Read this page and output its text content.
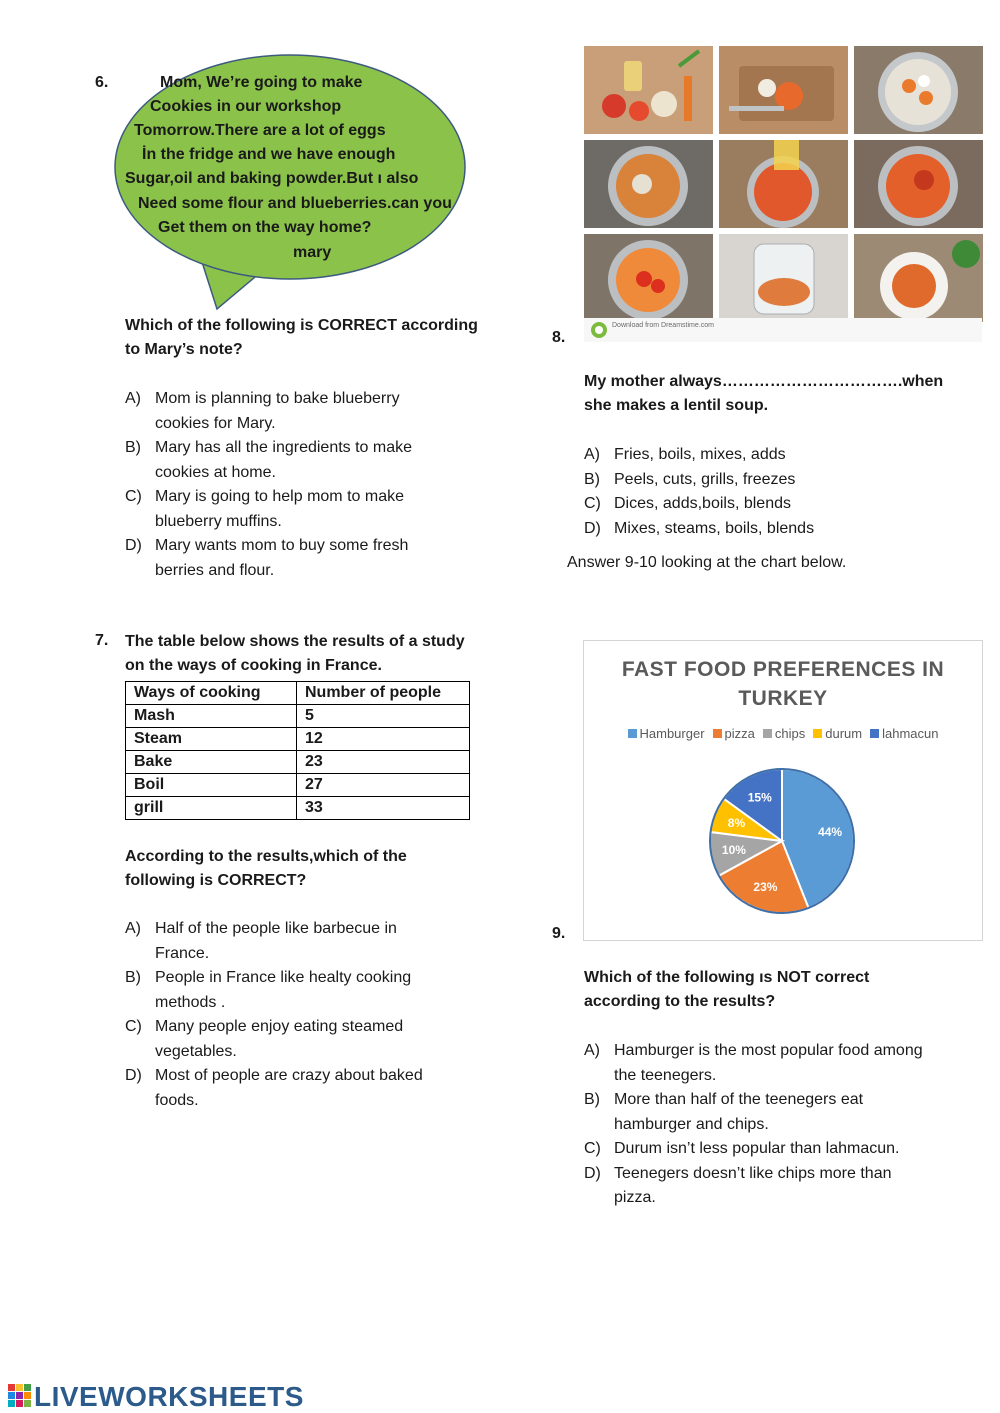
6.	Mom, We’re going to make
Cookies in our workshop
Tomorrow.There are a lot of eggs
İn the fridge and we have enough
Sugar,oil and baking powder.But ı also
Need some flour and blueberries.can you
Get them on the way home?
mary
Which of the following is CORRECT according to Mary’s note?
A) Mom is planning to bake blueberry cookies for Mary.
B) Mary has all the ingredients to make cookies at home.
C) Mary is going to help mom to make blueberry muffins.
D) Mary wants mom to buy some fresh berries and flour.
7. The table below shows the results of a study on the ways of cooking in France.
Ways of cooking	Number of people
Mash	5
Steam	12
Bake	23
Boil	27
grill	33
According to the results,which of the following is CORRECT?
A) Half of the people like barbecue in France.
B) People in France like healty cooking methods .
C) Many people enjoy eating steamed vegetables.
D) Most of people are crazy about baked foods.
Download from Dreamstime.com
8.
My mother always…………………………….when she makes a lentil soup.
A) Fries, boils, mixes, adds
B) Peels, cuts, grills, freezes
C) Dices, adds,boils, blends
D) Mixes, steams, boils, blends
Answer 9-10 looking at the chart below.
FAST FOOD PREFERENCES IN TURKEY
Hamburger pizza chips durum lahmacun
44%
23%
10%
8%
15%
9.
Which of the following ıs NOT correct according to the results?
A) Hamburger is the most popular food among the teenegers.
B) More than half of the teenegers eat hamburger and chips.
C) Durum isn’t less popular than lahmacun.
D) Teenegers doesn’t like chips more than pizza.
LIVEWORKSHEETS
